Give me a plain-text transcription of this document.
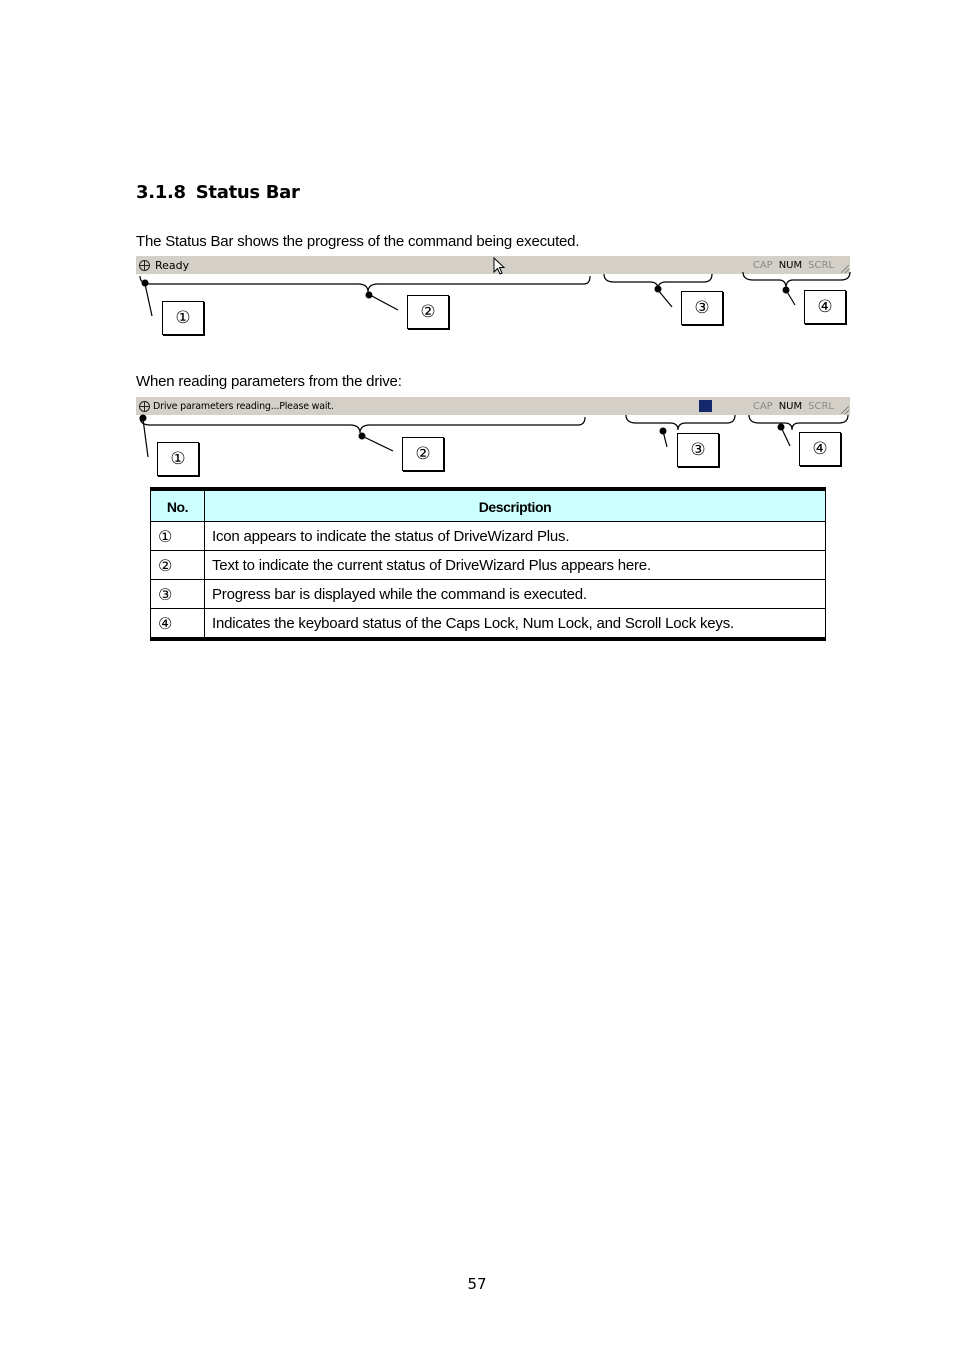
3.1.8 Status Bar
The Status Bar shows the progress of the command being executed.
Ready	CAP NUM SCRL
When reading parameters from the drive:
Drive parameters reading...Please wait.	CAP NUM SCRL
①	②	③	④
①	②	③	④
No.	Description
①	Icon appears to indicate the status of DriveWizard Plus.
②	Text to indicate the current status of DriveWizard Plus appears here.
③	Progress bar is displayed while the command is executed.
④	Indicates the keyboard status of the Caps Lock, Num Lock, and Scroll Lock keys.
57
